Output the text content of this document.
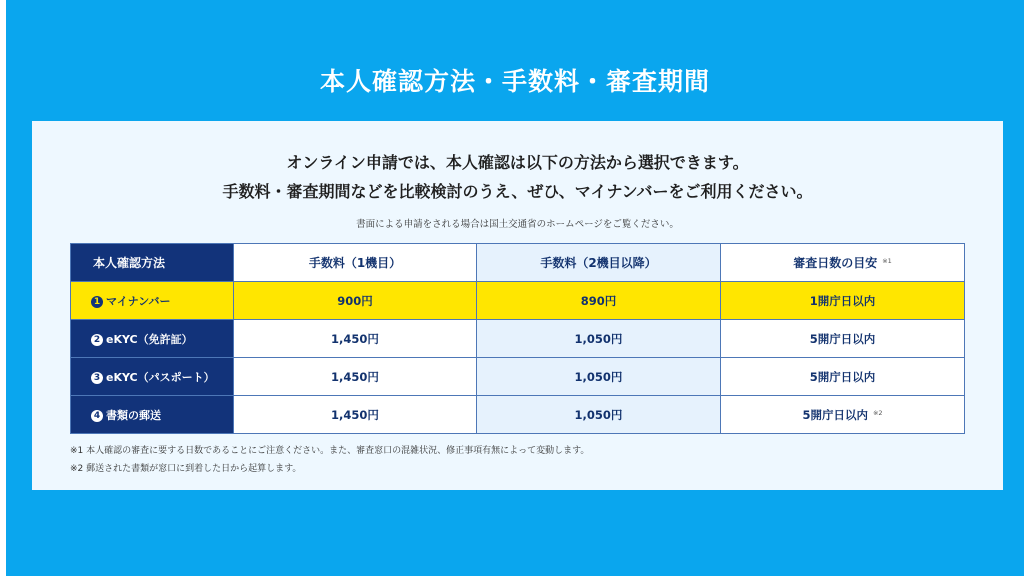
本人確認方法・手数料・審査期間
オンライン申請では、本人確認は以下の方法から選択できます。
手数料・審査期間などを比較検討のうえ、ぜひ、マイナンバーをご利用ください。
書面による申請をされる場合は国土交通省のホームページをご覧ください。
本人確認方法	手数料（1機目）	手数料（2機目以降）	審査日数の目安 $^{※1}$
1 マイナンバー	900円	890円	1開庁日以内
2 eKYC（免許証）	1,450円	1,050円	5開庁日以内
3 eKYC（パスポート）	1,450円	1,050円	5開庁日以内
4 書類の郵送	1,450円	1,050円	5開庁日以内 $^{※2}$
※1 本人確認の審査に要する日数であることにご注意ください。また、審査窓口の混雑状況、修正事項有無によって変動します。
※2 郵送された書類が窓口に到着した日から起算します。
